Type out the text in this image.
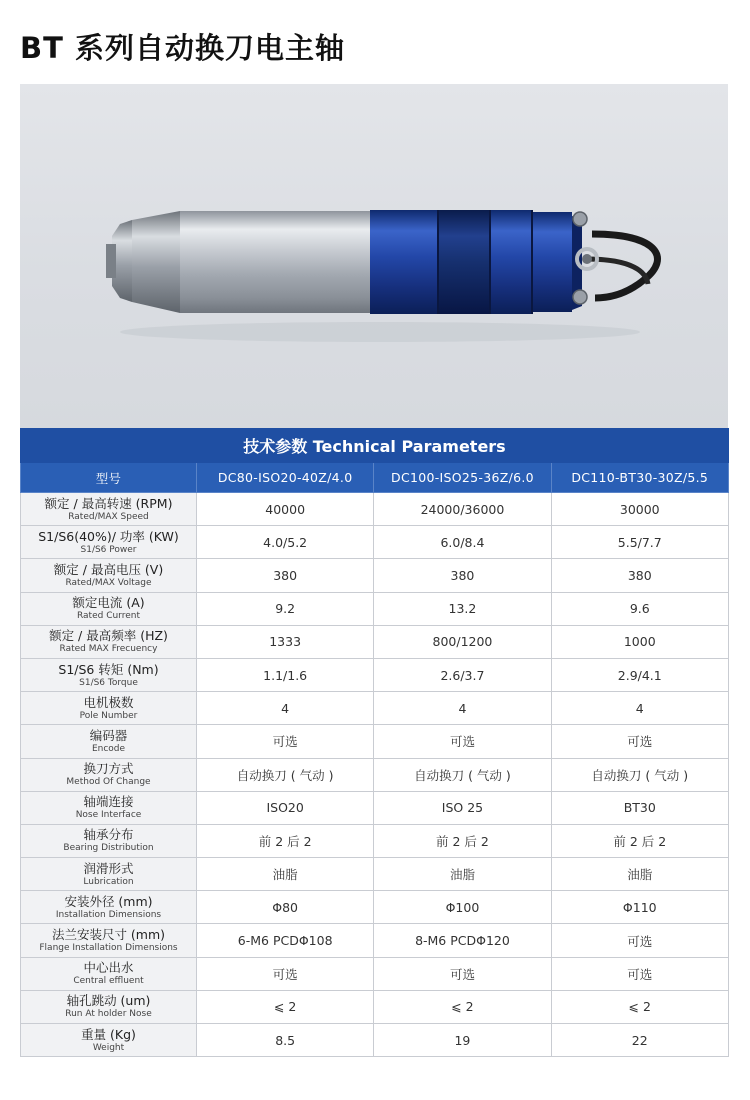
BT 系列自动换刀电主轴
技术参数 Technical Parameters			
型号	DC80-ISO20-40Z/4.0	DC100-ISO25-36Z/6.0	DC110-BT30-30Z/5.5

额定 / 最高转速 (RPM)
Rated/MAX Speed	40000	24000/36000	30000

S1/S6(40%)/ 功率 (KW)
S1/S6 Power	4.0/5.2	6.0/8.4	5.5/7.7

额定 / 最高电压 (V)
Rated/MAX Voltage	380	380	380

额定电流 (A)
Rated Current	9.2	13.2	9.6

额定 / 最高频率 (HZ)
Rated MAX Frecuency	1333	800/1200	1000

S1/S6 转矩 (Nm)
S1/S6 Torque	1.1/1.6	2.6/3.7	2.9/4.1

电机极数
Pole Number	4	4	4

编码器
Encode	可选	可选	可选

换刀方式
Method Of Change	自动换刀 ( 气动 )	自动换刀 ( 气动 )	自动换刀 ( 气动 )

轴端连接
Nose Interface	ISO20	ISO 25	BT30

轴承分布
Bearing Distribution	前 2 后 2	前 2 后 2	前 2 后 2

润滑形式
Lubrication	油脂	油脂	油脂

安装外径 (mm)
Installation Dimensions	Φ80	Φ100	Φ110

法兰安装尺寸 (mm)
Flange Installation Dimensions	6-M6 PCDΦ108	8-M6 PCDΦ120	可选

中心出水
Central effluent	可选	可选	可选

轴孔跳动 (um)
Run At holder Nose	⩽ 2	⩽ 2	⩽ 2

重量 (Kg)
Weight	8.5	19	22
